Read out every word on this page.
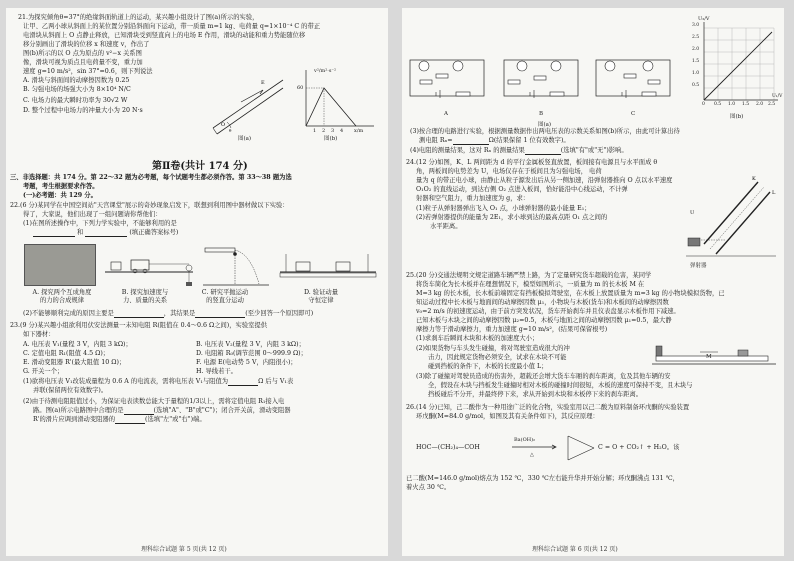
21.为探究倾角θ=37°的绝缘斜面轨道上的运动，某兴趣小组设计了图(a)所示的实验，
让甲、乙两小球从斜面上的某位置分别沿斜面向下运动，带一质量 m=1 kg、电荷量 q=1×10⁻⁴ C 的带正
电滑块从斜面上 O 点静止释放，已知滑块受到竖直向上的电场 E 作用，滑块的动能和重力势能随位移
移分别画出了滑块的位移 x 和速度 v，作出了
图(b)所示的以 O 点为原点的 v²−x 关系图
像，滑块可视为质点且电荷量不变，重力加
速度 g=10 m/s²，sin 37°=0.6，则下列说法
A. 滑块与斜面间的动摩擦因数为 0.25
B. 匀强电场的场强大小为 8×10⁴ N/C
C. 电场力的最大瞬时功率为 30√2 W
D. 整个过程中电场力的冲量大小为 20 N·s
E
O
θ
图(a)
v²/m²·s⁻²
60
1 2 3 4 x/m
图(b)
第Ⅱ卷(共计 174 分)
三、非选择题：共 174 分。第 22～32 题为必考题，每个试题考生都必须作答。第 33～38 题为选
考题，考生根据要求作答。
(一)必考题：共 129 分。
22.(6 分)某同学在中国空间站"天宫课堂"展示的奇妙现象启发下，联想到利用图中器材做以下实验：
得了，大家说，他们出现了一组问题请你帮他们：
(1)在图所述操作中，下列力学实验中，不能够利用的是
和	(填正确答案标号)
A. 探究两个互成角度
的力的合成规律
B. 探究加速度与
力、质量的关系
C. 研究平抛运动
的竖直分运动
D. 验证动量
守恒定律
(2)不能够顺利完成的原因主要是	，其结果是	(至少回答一个原因即可)
23.(9 分)某兴趣小组欲利用伏安法测量一未知电阻 R(阻值在 0.4～0.6 Ω之间)，实验室提供
如下器材：
A. 电压表 V₁(量程 3 V，内阻 3 kΩ)；
C. 定值电阻 R₁(阻值 4.5 Ω)；
E. 滑动变阻器 R'(最大阻值 10 Ω)；
G. 开关一个；
B. 电压表 V₂(量程 3 V，内阻 3 kΩ)；
D. 电阻箱 R₀(调节范围 0～999.9 Ω)；
F. 电源 E(电动势 5 V，内阻很小)；
H. 导线若干。
(1)欲将电压表 V₁改装成量程为 0.6 A 的电流表，需将电压表 V₁与阻值为	Ω 后与 V₁表
并联(保留两位有效数字)。
(2)由于待测电阻阻值过小，为保证电表读数总能大于量程的1/3以上，需将定值电阻 R₁接入电
路。图(a)所示电路图中合理的是	(选填"A"、"B"或"C")；闭合开关前，滑动变阻器
R'的滑片应调到滑动变阻器的	(选填"左"或"右")端。
理科综合试题 第 5 页(共 12 页)
A	B	C
图(a)
U₂/V
0.5
1.0
1.5
2.0
2.5
3.0
0 0.5 1.0 1.5 2.0 2.5
U₁/V
图(b)
(3)按合理的电路进行实验，根据测量数据作出两电压表的示数关系如图(b)所示，由此可计算出待
测电阻 Rₓ=	Ω(结果保留 1 位有效数字)。
(4)电阻的测量结果，这对 Rₓ 的测量结果	(选填"有"或"无")影响。
24.(12 分)如图，K、L 两间距为 d 的平行金属板竖直放置，板间接有电源且与水平面成 θ
角，两板间的电势差为 U，电场仅存在于板间且为匀强电场， 电荷
量为 q 的带正电小球，由静止从粒子源发出后从另一侧加速，沿弹射器推向 O 点以水平速度
O₁O₂ 的直线运动，到达右侧 O₂ 点进入板间，恰好能沿中心线运动，不计弹
射器和空气阻力，重力加速度为 g，求：
(1)粒子从弹射器弹出飞入 O₁ 点，小球弹射器的最小能量 E₁；
(2)若弹射器提供的能量为 2E₁，求小球到达的最高点距 O₁ 点之间的
水平距离。
U
K
L
弹射器
25.(20 分)交通法规明文规定道路车辆严禁上路，为了定量研究货车超载的危害，某同学
将货车简化为长木板并在理想情况下，模型如图所示，一质量为 m 的长木板 M 在
M=3 kg 的长木板，长木板前端固定有挡板模拟驾驶室，在木板上放置质量为 m=3 kg 的小物块模拟货物，已
知运动过程中长木板与地面间的动摩擦因数 μ₁，小物块与木板(货车)和木板间的动摩擦因数
v₀=2 m/s 的初速度运动，由于前方突发状况，货车开始刹车并且仪表盘显示木板作用下减速。
已知木板与木块之间的动摩擦因数 μ₂=0.5，木板与地面之间的动摩擦因数 μ₁=0.5，最大静
摩擦力等于滑动摩擦力，重力加速度 g=10 m/s²，(结果可保留根号)
(1)求刹车后瞬间木块和木板的加速度大小；
(2)如果货物与车头发生碰撞，将对驾驶室造成很大的冲
击力，因此规定货物必须安全，试求在木块不可能
碰到挡板的条件下，木板的长度最小值 L；
(3)除了碰撞对驾驶员造成的伤害外，超载还会增大货车车厢的刹车距离，危及其他车辆的安
全，假设在木块与挡板发生碰撞时相对木板的碰撞时间很短，木板的速度可保持不变，且木块与
挡板碰后不分开，并最终停下来，求从开始到木块和木板停下来的刹车距离。
M
26.(14 分)已知，己二酸作为一种用途广泛的化合物，实验室用以己二酸为原料制备环戊酮的实验装置
环戊酮(M=84.0 g/mol，如图及其有关条件如下)，其反应原理：
HOC—(CH₂)₄—COH
Ba(OH)₂
△
C = O + CO₂↑ + H₂O。该
已二酸(M=146.0 g/mol)熔点为 152 ℃，330 ℃左右能升华并开始分解；环戊酮沸点 131 ℃，
着火点 30 ℃。
理科综合试题 第 6 页(共 12 页)
